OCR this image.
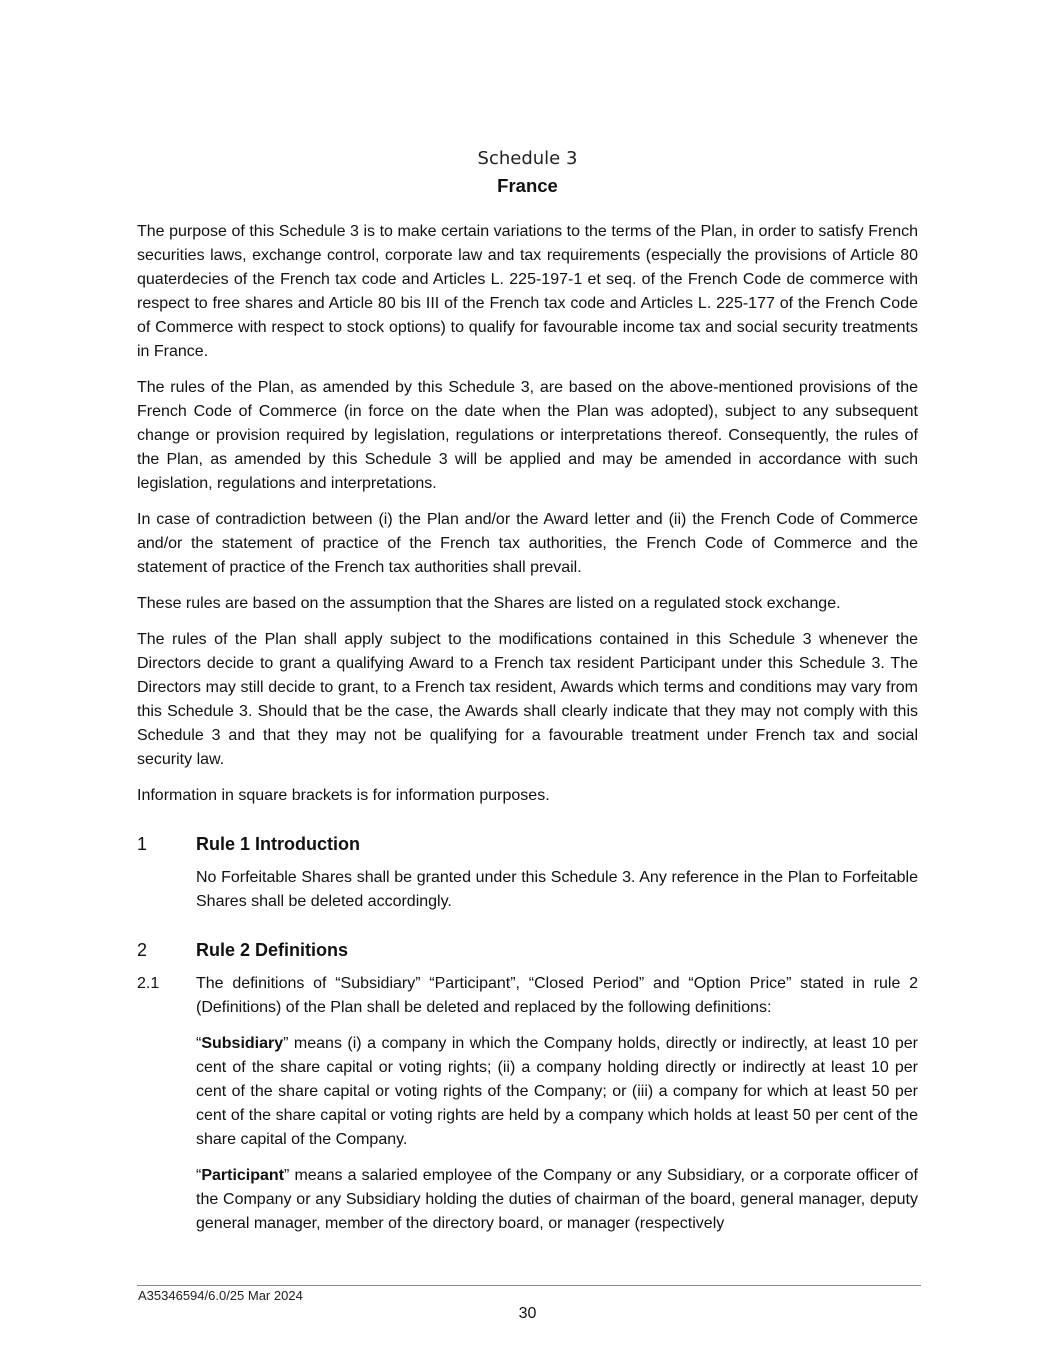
Schedule 3
France

The purpose of this Schedule 3 is to make certain variations to the terms of the Plan, in order to satisfy French securities laws, exchange control, corporate law and tax requirements (especially the provisions of Article 80 quaterdecies of the French tax code and Articles L. 225-197-1 et seq. of the French Code de commerce with respect to free shares and Article 80 bis III of the French tax code and Articles L. 225-177 of the French Code of Commerce with respect to stock options) to qualify for favourable income tax and social security treatments in France.

The rules of the Plan, as amended by this Schedule 3, are based on the above-mentioned provisions of the French Code of Commerce (in force on the date when the Plan was adopted), subject to any subsequent change or provision required by legislation, regulations or interpretations thereof. Consequently, the rules of the Plan, as amended by this Schedule 3 will be applied and may be amended in accordance with such legislation, regulations and interpretations.

In case of contradiction between (i) the Plan and/or the Award letter and (ii) the French Code of Commerce and/or the statement of practice of the French tax authorities, the French Code of Commerce and the statement of practice of the French tax authorities shall prevail.

These rules are based on the assumption that the Shares are listed on a regulated stock exchange.

The rules of the Plan shall apply subject to the modifications contained in this Schedule 3 whenever the Directors decide to grant a qualifying Award to a French tax resident Participant under this Schedule 3. The Directors may still decide to grant, to a French tax resident, Awards which terms and conditions may vary from this Schedule 3. Should that be the case, the Awards shall clearly indicate that they may not comply with this Schedule 3 and that they may not be qualifying for a favourable treatment under French tax and social security law.

Information in square brackets is for information purposes.

1	Rule 1 Introduction

No Forfeitable Shares shall be granted under this Schedule 3. Any reference in the Plan to Forfeitable Shares shall be deleted accordingly.

2	Rule 2 Definitions
2.1	The definitions of “Subsidiary” “Participant”, “Closed Period” and “Option Price” stated in rule 2 (Definitions) of the Plan shall be deleted and replaced by the following definitions:

“Subsidiary” means (i) a company in which the Company holds, directly or indirectly, at least 10 per cent of the share capital or voting rights; (ii) a company holding directly or indirectly at least 10 per cent of the share capital or voting rights of the Company; or (iii) a company for which at least 50 per cent of the share capital or voting rights are held by a company which holds at least 50 per cent of the share capital of the Company.

“Participant” means a salaried employee of the Company or any Subsidiary, or a corporate officer of the Company or any Subsidiary holding the duties of chairman of the board, general manager, deputy general manager, member of the directory board, or manager (respectively

A35346594/6.0/25 Mar 2024
30
